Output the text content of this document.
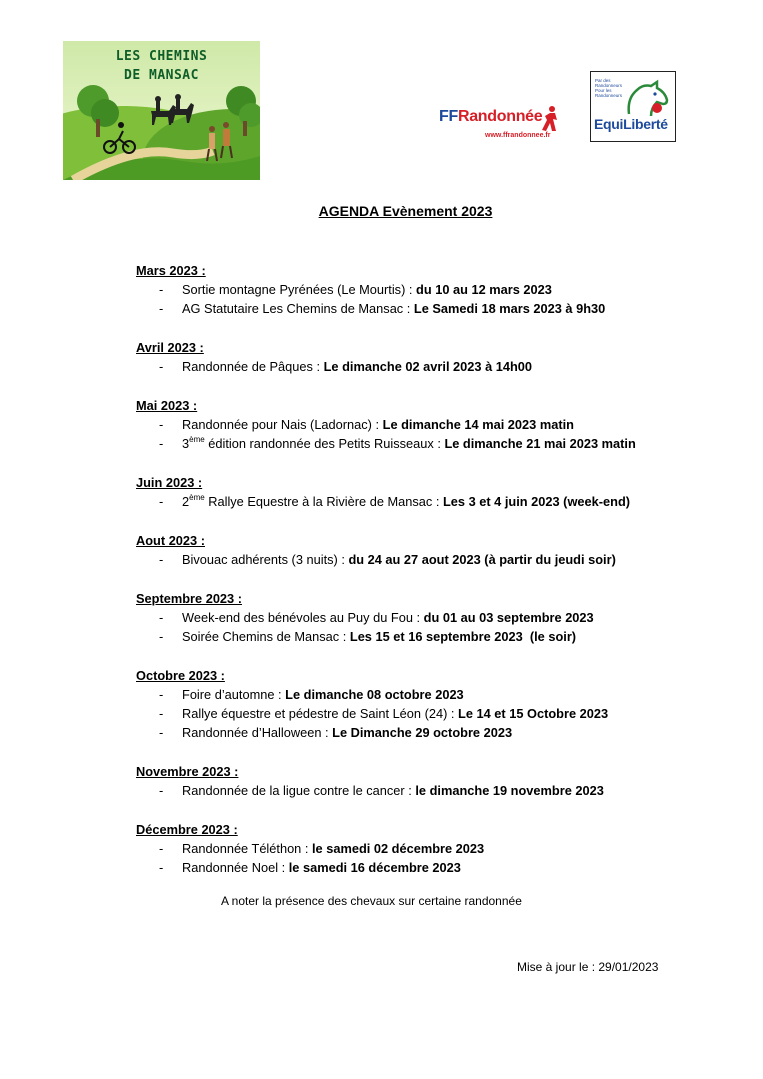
LES CHEMINS
DE MANSAC
FFRandonnée
www.ffrandonnee.fr
Par des Randonneurs Pour les Randonneurs
EquiLiberté
AGENDA Evènement 2023
Mars 2023 :
- Sortie montagne Pyrénées (Le Mourtis) : du 10 au 12 mars 2023
- AG Statutaire Les Chemins de Mansac : Le Samedi 18 mars 2023 à 9h30
Avril 2023 :
- Randonnée de Pâques : Le dimanche 02 avril 2023 à 14h00
Mai 2023 :
- Randonnée pour Nais (Ladornac) : Le dimanche 14 mai 2023 matin
- 3ème édition randonnée des Petits Ruisseaux : Le dimanche 21 mai 2023 matin
Juin 2023 :
- 2ème Rallye Equestre à la Rivière de Mansac : Les 3 et 4 juin 2023 (week-end)
Aout 2023 :
- Bivouac adhérents (3 nuits) : du 24 au 27 aout 2023 (à partir du jeudi soir)
Septembre 2023 :
- Week-end des bénévoles au Puy du Fou : du 01 au 03 septembre 2023
- Soirée Chemins de Mansac : Les 15 et 16 septembre 2023  (le soir)
Octobre 2023 :
- Foire d’automne : Le dimanche 08 octobre 2023
- Rallye équestre et pédestre de Saint Léon (24) : Le 14 et 15 Octobre 2023
- Randonnée d’Halloween : Le Dimanche 29 octobre 2023
Novembre 2023 :
- Randonnée de la ligue contre le cancer : le dimanche 19 novembre 2023
Décembre 2023 :
- Randonnée Téléthon : le samedi 02 décembre 2023
- Randonnée Noel : le samedi 16 décembre 2023
A noter la présence des chevaux sur certaine randonnée
Mise à jour le : 29/01/2023
